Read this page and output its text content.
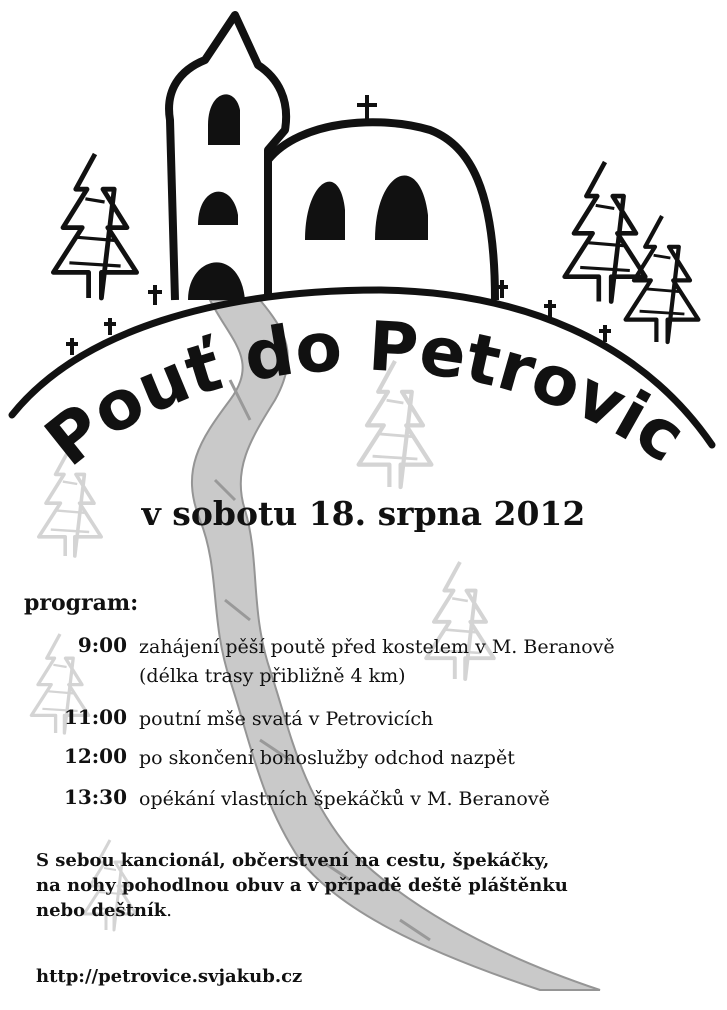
Pouť do Petrovic
v sobotu 18. srpna 2012
program:
9:00 zahájení pěší poutě před kostelem v M. Beranově
(délka trasy přibližně 4 km)
11:00 poutní mše svatá v Petrovicích
12:00 po skončení bohoslužby odchod nazpět
13:30 opékání vlastních špekáčků v M. Beranově
S sebou kancionál, občerstvení na cestu, špekáčky,
na nohy pohodlnou obuv a v případě deště pláštěnku
nebo deštník.
http://petrovice.svjakub.cz
